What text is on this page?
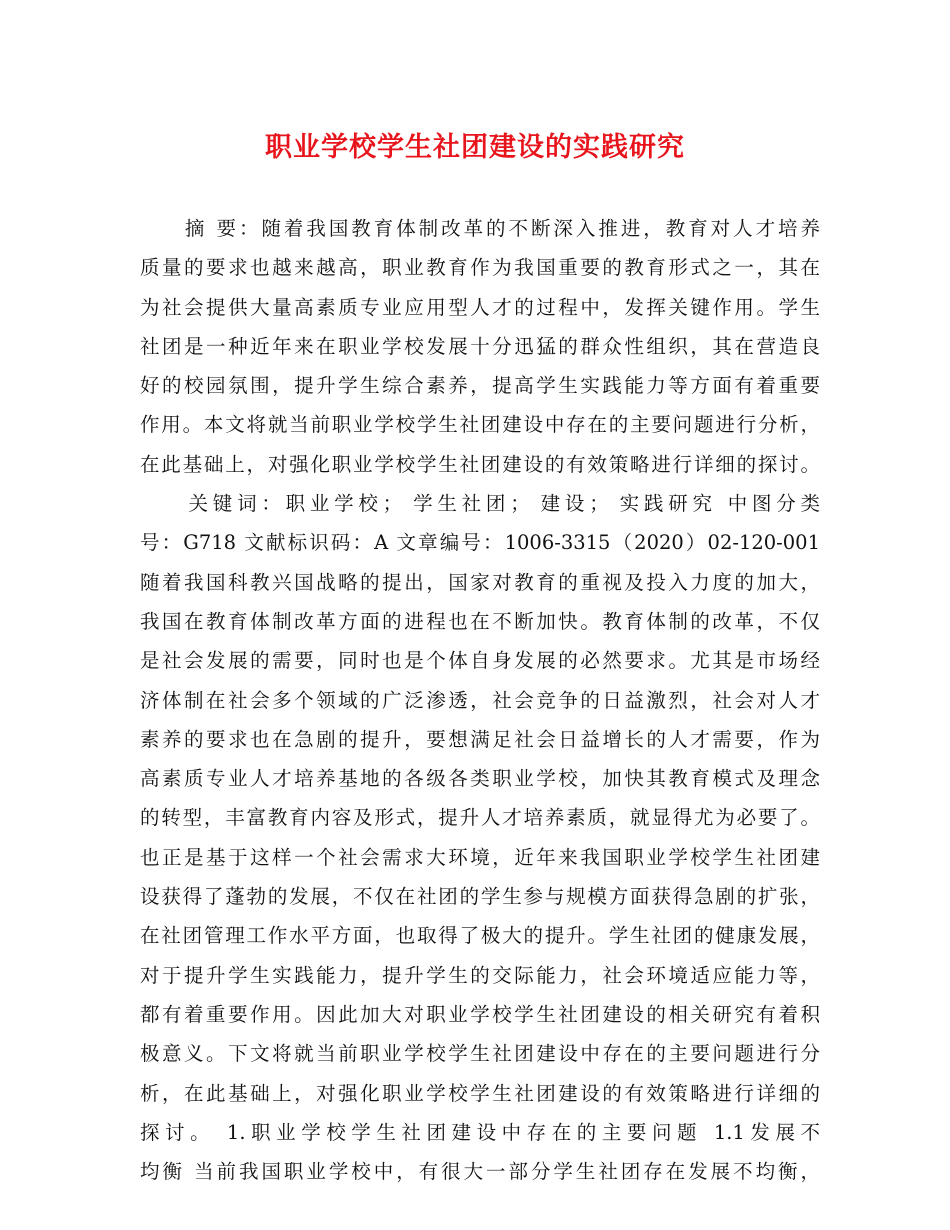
职业学校学生社团建设的实践研究
　　摘 要：随着我国教育体制改革的不断深入推进，教育对人才培养
质量的要求也越来越高，职业教育作为我国重要的教育形式之一，其在
为社会提供大量高素质专业应用型人才的过程中，发挥关键作用。学生
社团是一种近年来在职业学校发展十分迅猛的群众性组织，其在营造良
好的校园氛围，提升学生综合素养，提高学生实践能力等方面有着重要
作用。本文将就当前职业学校学生社团建设中存在的主要问题进行分析，
在此基础上，对强化职业学校学生社团建设的有效策略进行详细的探讨。
　　关键词：职业学校； 学生社团； 建设； 实践研究 中图分类
号：G718 文献标识码：A 文章编号：1006-3315（2020）02-120-001
随着我国科教兴国战略的提出，国家对教育的重视及投入力度的加大，
我国在教育体制改革方面的进程也在不断加快。教育体制的改革，不仅
是社会发展的需要，同时也是个体自身发展的必然要求。尤其是市场经
济体制在社会多个领域的广泛渗透，社会竞争的日益激烈，社会对人才
素养的要求也在急剧的提升，要想满足社会日益增长的人才需要，作为
高素质专业人才培养基地的各级各类职业学校，加快其教育模式及理念
的转型，丰富教育内容及形式，提升人才培养素质，就显得尤为必要了。
也正是基于这样一个社会需求大环境，近年来我国职业学校学生社团建
设获得了蓬勃的发展，不仅在社团的学生参与规模方面获得急剧的扩张，
在社团管理工作水平方面，也取得了极大的提升。学生社团的健康发展，
对于提升学生实践能力，提升学生的交际能力，社会环境适应能力等，
都有着重要作用。因此加大对职业学校学生社团建设的相关研究有着积
极意义。下文将就当前职业学校学生社团建设中存在的主要问题进行分
析，在此基础上，对强化职业学校学生社团建设的有效策略进行详细的
探讨。 1.职业学校学生社团建设中存在的主要问题 1.1发展不
均衡 当前我国职业学校中，有很大一部分学生社团存在发展不均衡，
